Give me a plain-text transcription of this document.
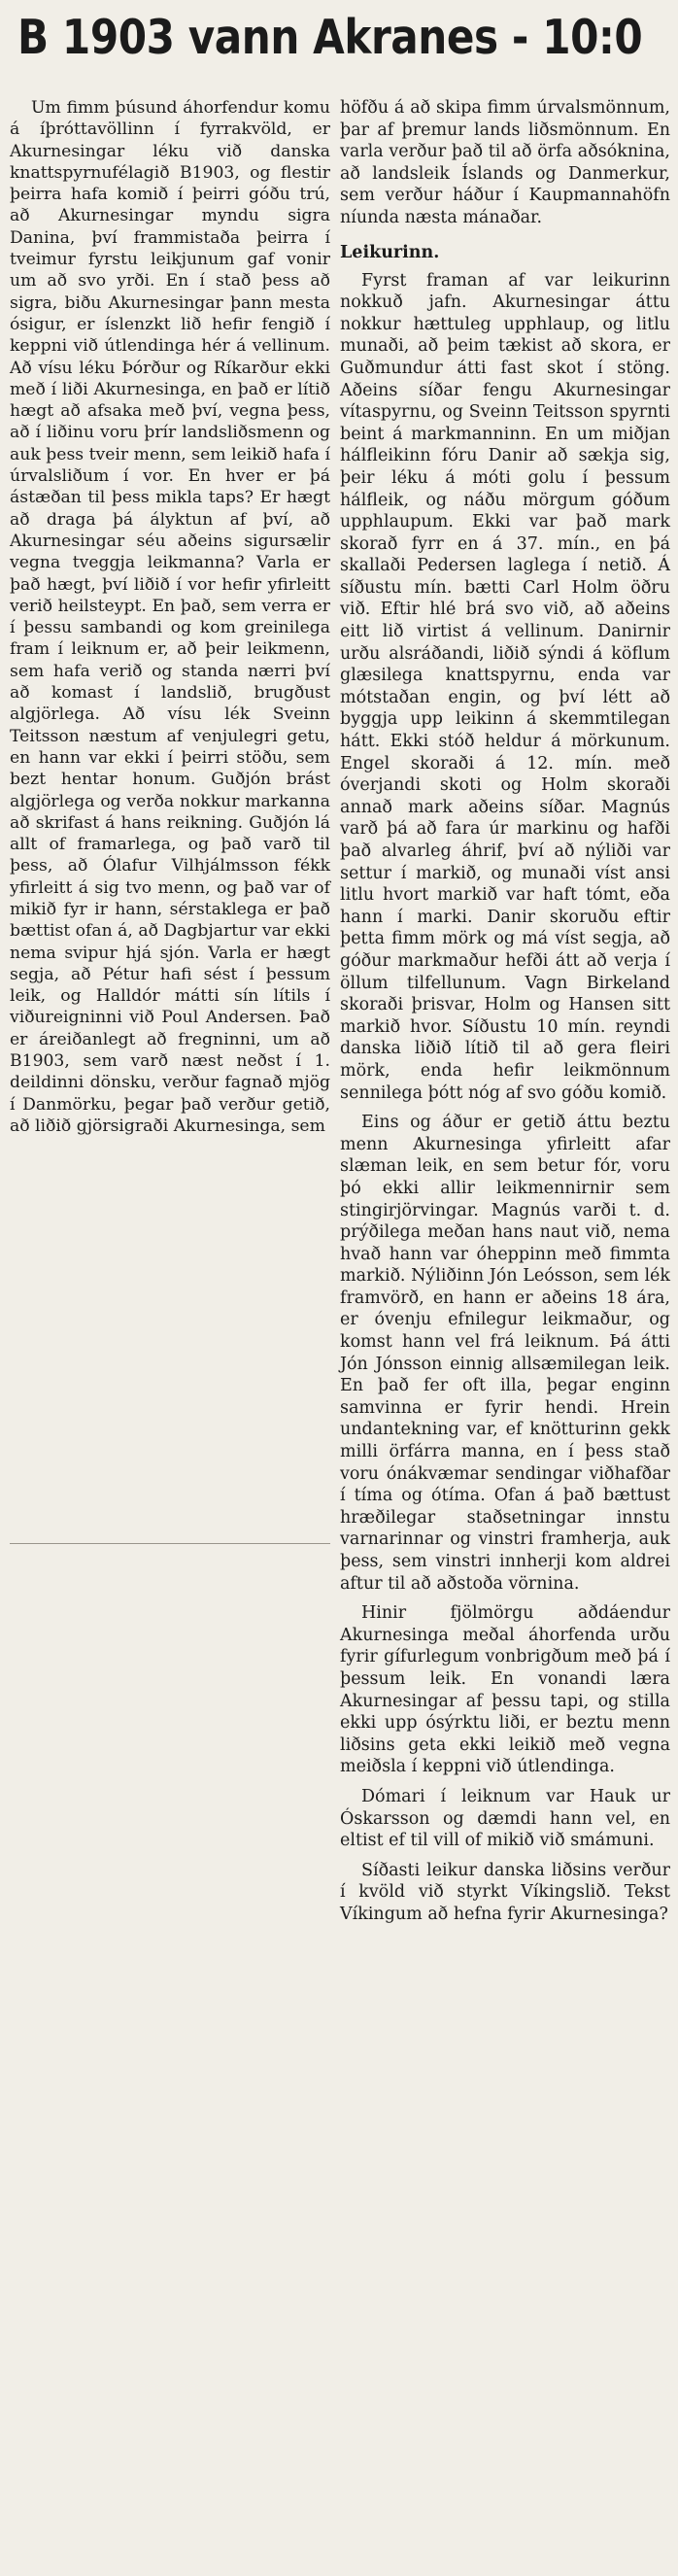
B 1903 vann Akranes - 10:0

Um fimm þúsund áhorfendur komu á íþróttavöllinn í fyrrakvöld, er Akurnesingar léku við danska knattspyrnufélagið B1903, og flestir þeirra hafa komið í þeirri góðu trú, að Akurnesingar myndu sigra Danina, því frammistaða þeirra í tveimur fyrstu leikjunum gaf vonir um að svo yrði. En í stað þess að sigra, biðu Akurnesingar þann mesta ósigur, er íslenzkt lið hefir fengið í keppni við útlendinga hér á vellinum. Að vísu léku Þórður og Ríkarður ekki með í liði Akurnesinga, en það er lítið hægt að afsaka með því, vegna þess, að í liðinu voru þrír landsliðsmenn og auk þess tveir menn, sem leikið hafa í úrvalsliðum í vor. En hver er þá ástæðan til þess mikla taps? Er hægt að draga þá ályktun af því, að Akurnesingar séu aðeins sigursælir vegna tveggja leikmanna? Varla er það hægt, því liðið í vor hefir yfirleitt verið heilsteypt. En það, sem verra er í þessu sambandi og kom greinilega fram í leiknum er, að þeir leikmenn, sem hafa verið og standa nærri því að komast í landslið, brugðust algjörlega. Að vísu lék Sveinn Teitsson næstum af venjulegri getu, en hann var ekki í þeirri stöðu, sem bezt hentar honum. Guðjón brást algjörlega og verða nokkur markanna að skrifast á hans reikning. Guðjón lá allt of framarlega, og það varð til þess, að Ólafur Vilhjálmsson fékk yfirleitt á sig tvo menn, og það var of mikið fyr ir hann, sérstaklega er það bættist ofan á, að Dagbjartur var ekki nema svipur hjá sjón. Varla er hægt segja, að Pétur hafi sést í þessum leik, og Halldór mátti sín lítils í viðureigninni við Poul Andersen. Það er áreiðanlegt að fregninni, um að B1903, sem varð næst neðst í 1. deildinni dönsku, verður fagnað mjög í Danmörku, þegar það verður getið, að liðið gjörsigraði Akurnesinga, sem

höfðu á að skipa fimm úrvalsmönnum, þar af þremur lands liðsmönnum. En varla verður það til að örfa aðsóknina, að landsleik Íslands og Danmerkur, sem verður háður í Kaupmannahöfn níunda næsta mánaðar.

Leikurinn.

Fyrst framan af var leikurinn nokkuð jafn. Akurnesingar áttu nokkur hættuleg upphlaup, og litlu munaði, að þeim tækist að skora, er Guðmundur átti fast skot í stöng. Aðeins síðar fengu Akurnesingar vítaspyrnu, og Sveinn Teitsson spyrnti beint á markmanninn. En um miðjan hálfleikinn fóru Danir að sækja sig, þeir léku á móti golu í þessum hálfleik, og náðu mörgum góðum upphlaupum. Ekki var það mark skorað fyrr en á 37. mín., en þá skallaði Pedersen laglega í netið. Á síðustu mín. bætti Carl Holm öðru við. Eftir hlé brá svo við, að aðeins eitt lið virtist á vellinum. Danirnir urðu alsráðandi, liðið sýndi á köflum glæsilega knattspyrnu, enda var mótstaðan engin, og því létt að byggja upp leikinn á skemmtilegan hátt. Ekki stóð heldur á mörkunum. Engel skoraði á 12. mín. með óverjandi skoti og Holm skoraði annað mark aðeins síðar. Magnús varð þá að fara úr markinu og hafði það alvarleg áhrif, því að nýliði var settur í markið, og munaði víst ansi litlu hvort markið var haft tómt, eða hann í marki. Danir skoruðu eftir þetta fimm mörk og má víst segja, að góður markmaður hefði átt að verja í öllum tilfellunum. Vagn Birkeland skoraði þrisvar, Holm og Hansen sitt markið hvor. Síðustu 10 mín. reyndi danska liðið lítið til að gera fleiri mörk, enda hefir leikmönnum sennilega þótt nóg af svo góðu komið.

Eins og áður er getið áttu beztu menn Akurnesinga yfirleitt afar slæman leik, en sem betur fór, voru þó ekki allir leikmennirnir sem stingirjörvingar. Magnús varði t. d. prýðilega meðan hans naut við, nema hvað hann var óheppinn með fimmta markið. Nýliðinn Jón Leósson, sem lék framvörð, en hann er aðeins 18 ára, er óvenju efnilegur leikmaður, og komst hann vel frá leiknum. Þá átti Jón Jónsson einnig allsæmilegan leik. En það fer oft illa, þegar enginn samvinna er fyrir hendi. Hrein undantekning var, ef knötturinn gekk milli örfárra manna, en í þess stað voru ónákvæmar sendingar viðhafðar í tíma og ótíma. Ofan á það bættust hræðilegar staðsetningar innstu varnarinnar og vinstri framherja, auk þess, sem vinstri innherji kom aldrei aftur til að aðstoða vörnina.

Hinir fjölmörgu aðdáendur Akurnesinga meðal áhorfenda urðu fyrir gífurlegum vonbrigðum með þá í þessum leik. En vonandi læra Akurnesingar af þessu tapi, og stilla ekki upp ósýrktu liði, er beztu menn liðsins geta ekki leikið með vegna meiðsla í keppni við útlendinga.

Dómari í leiknum var Hauk ur Óskarsson og dæmdi hann vel, en eltist ef til vill of mikið við smámuni.

Síðasti leikur danska liðsins verður í kvöld við styrkt Víkingslið. Tekst Víkingum að hefna fyrir Akurnesinga?
